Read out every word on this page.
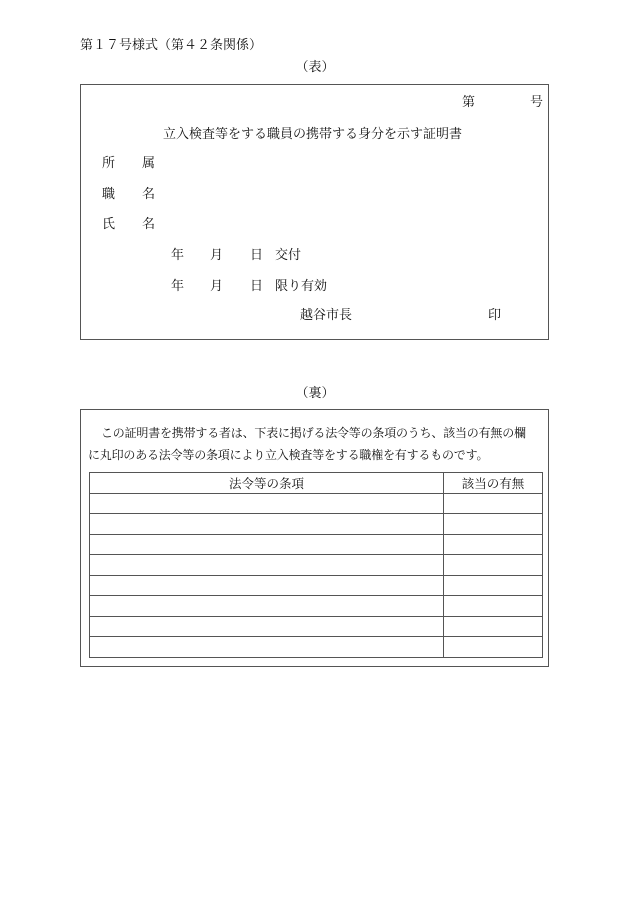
第１７号様式（第４２条関係）
（表）
第	号
立入検査等をする職員の携帯する身分を示す証明書
所 属
職 名
氏 名
年 月 日 交付
年 月 日 限り有効
越谷市長	印
（裏）
この証明書を携帯する者は、下表に掲げる法令等の条項のうち、該当の有無の欄
に丸印のある法令等の条項により立入検査等をする職権を有するものです。
法令等の条項	該当の有無
